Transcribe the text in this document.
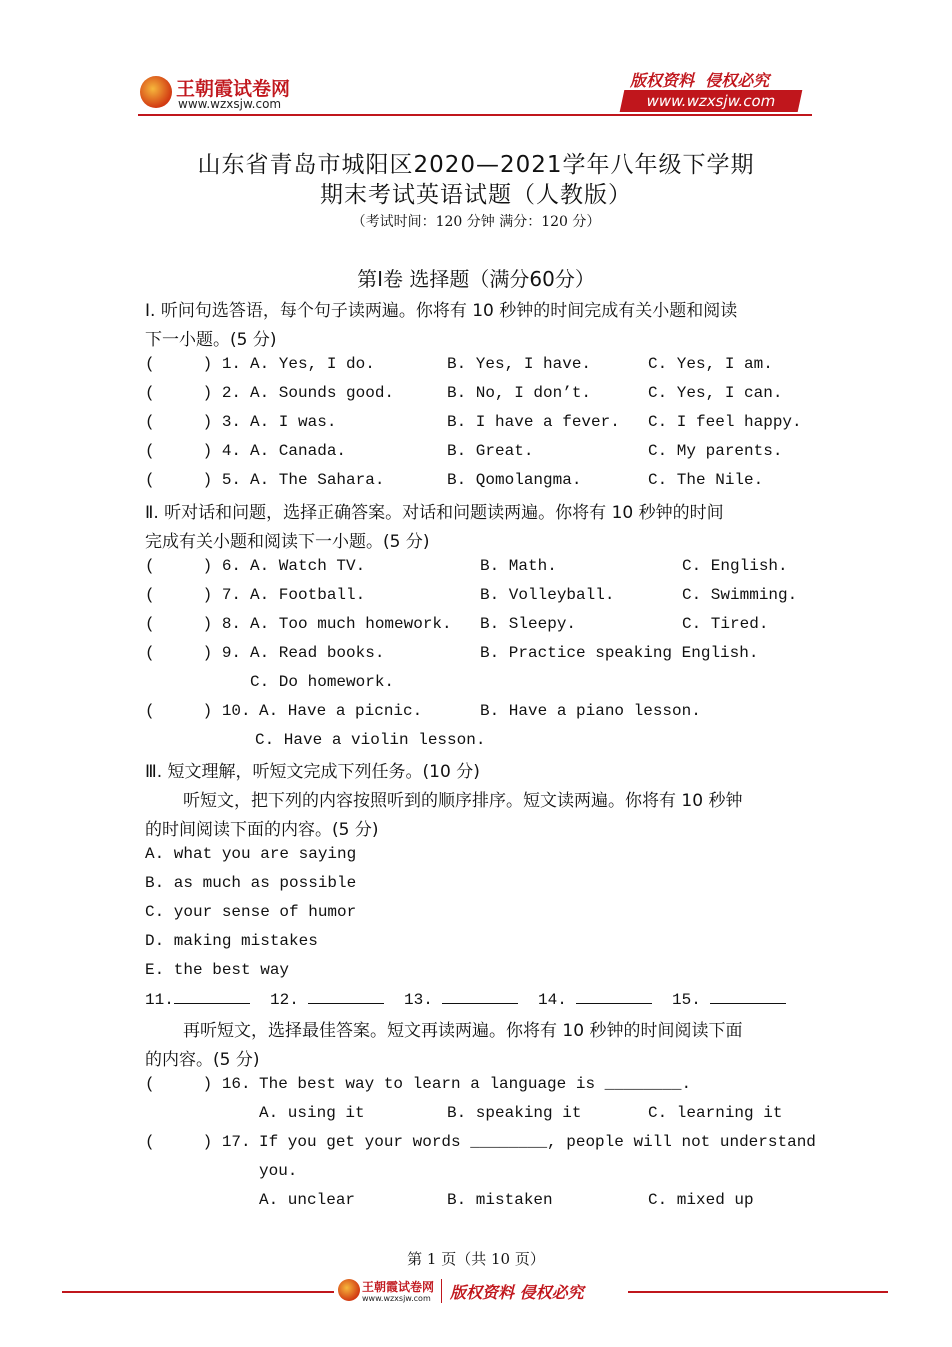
王朝霞试卷网
www.wzxsjw.com
版权资料  侵权必究
www.wzxsjw.com
山东省青岛市城阳区2020—2021学年八年级下学期
期末考试英语试题（人教版）
（考试时间：120 分钟 满分：120 分）
第Ⅰ卷 选择题（满分60分）
Ⅰ. 听问句选答语，每个句子读两遍。你将有 10 秒钟的时间完成有关小题和阅读
下一小题。(5 分)
(     ) 1. A. Yes, I do.	B. Yes, I have.	C. Yes, I am.
(     ) 2. A. Sounds good.	B. No, I don’t.	C. Yes, I can.
(     ) 3. A. I was.	B. I have a fever. C. I feel happy.
(     ) 4. A. Canada.	B. Great.	C. My parents.
(     ) 5. A. The Sahara.	B. Qomolangma.	C. The Nile.
Ⅱ. 听对话和问题，选择正确答案。对话和问题读两遍。你将有 10 秒钟的时间
完成有关小题和阅读下一小题。(5 分)
(     ) 6. A. Watch TV.	B. Math.	C. English.
(     ) 7. A. Football.	B. Volleyball.	C. Swimming.
(     ) 8. A. Too much homework. B. Sleepy.	C. Tired.
(     ) 9. A. Read books.	B. Practice speaking English.
C. Do homework.
(     ) 10. A. Have a picnic.	B. Have a piano lesson.
C. Have a violin lesson.
Ⅲ. 短文理解，听短文完成下列任务。(10 分)
听短文，把下列的内容按照听到的顺序排序。短文读两遍。你将有 10 秒钟
的时间阅读下面的内容。(5 分)
A. what you are saying
B. as much as possible
C. your sense of humor
D. making mistakes
E. the best way
11.	12.	13.	14.	15.
再听短文，选择最佳答案。短文再读两遍。你将有 10 秒钟的时间阅读下面
的内容。(5 分)
(     ) 16. The best way to learn a language is ________.
A. using it	B. speaking it	C. learning it
(     ) 17. If you get your words ________, people will not understand
you.
A. unclear	B. mistaken	C. mixed up
第 1 页（共 10 页）
王朝霞试卷网
www.wzxsjw.com 版权资料 侵权必究
